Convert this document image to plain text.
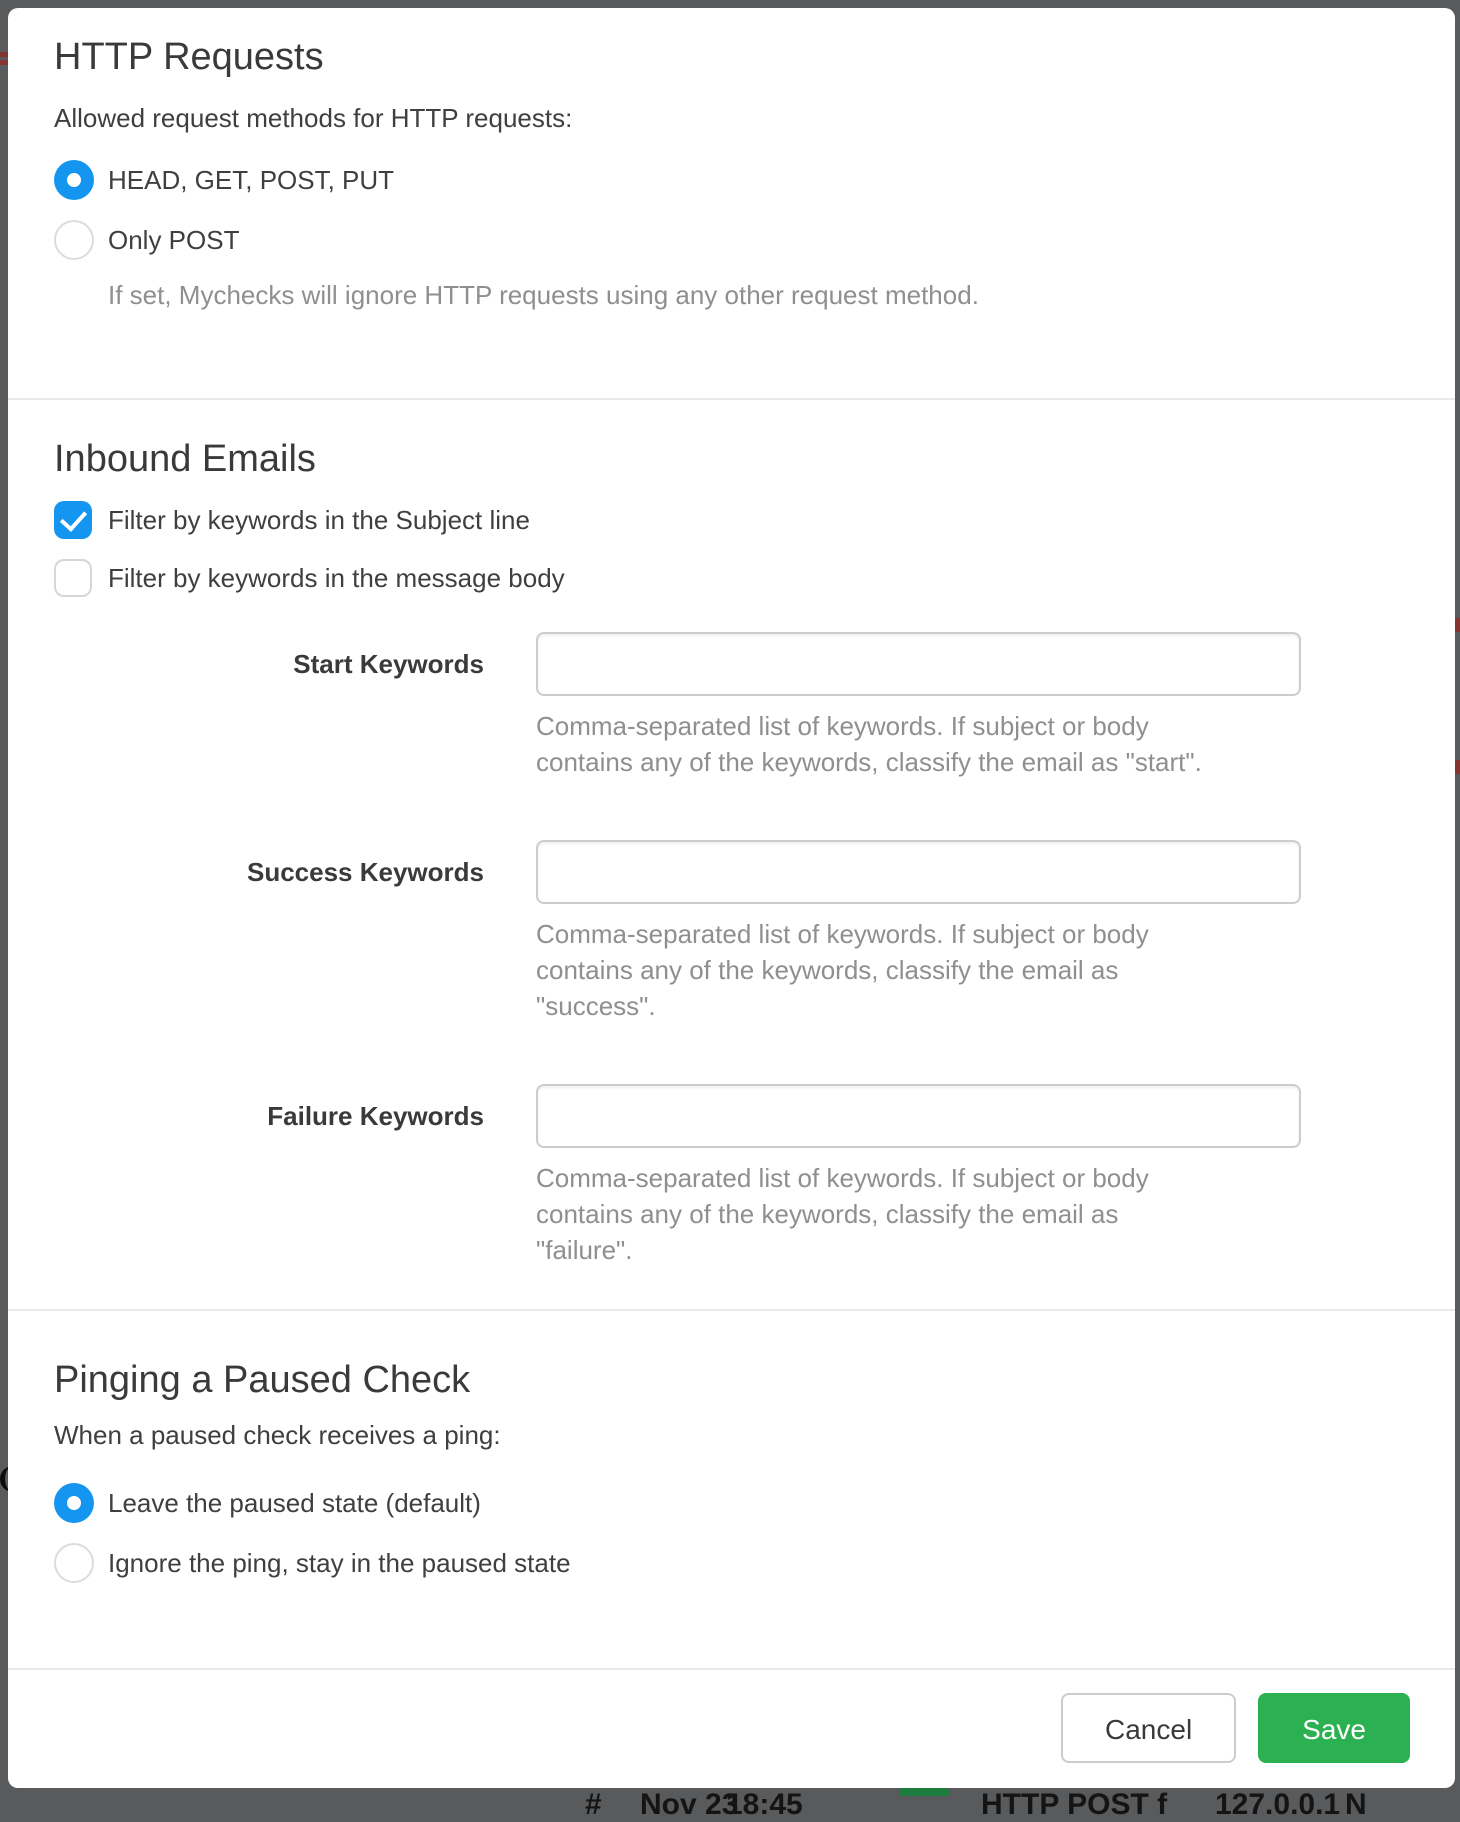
# Nov 23
18:45	HTTP POST f 127.0.0.1 N
HTTP Requests

Allowed request methods for HTTP requests:

HEAD, GET, POST, PUT
Only POST
If set, Mychecks will ignore HTTP requests using any other request method.
Inbound Emails
Filter by keywords in the Subject line
Filter by keywords in the message body
Start Keywords
Comma-separated list of keywords. If subject or body contains any of the keywords, classify the email as "start".
Success Keywords
Comma-separated list of keywords. If subject or body contains any of the keywords, classify the email as "success".
Failure Keywords
Comma-separated list of keywords. If subject or body contains any of the keywords, classify the email as "failure".
Pinging a Paused Check

When a paused check receives a ping:

Leave the paused state (default)
Ignore the ping, stay in the paused state
Cancel	Save
